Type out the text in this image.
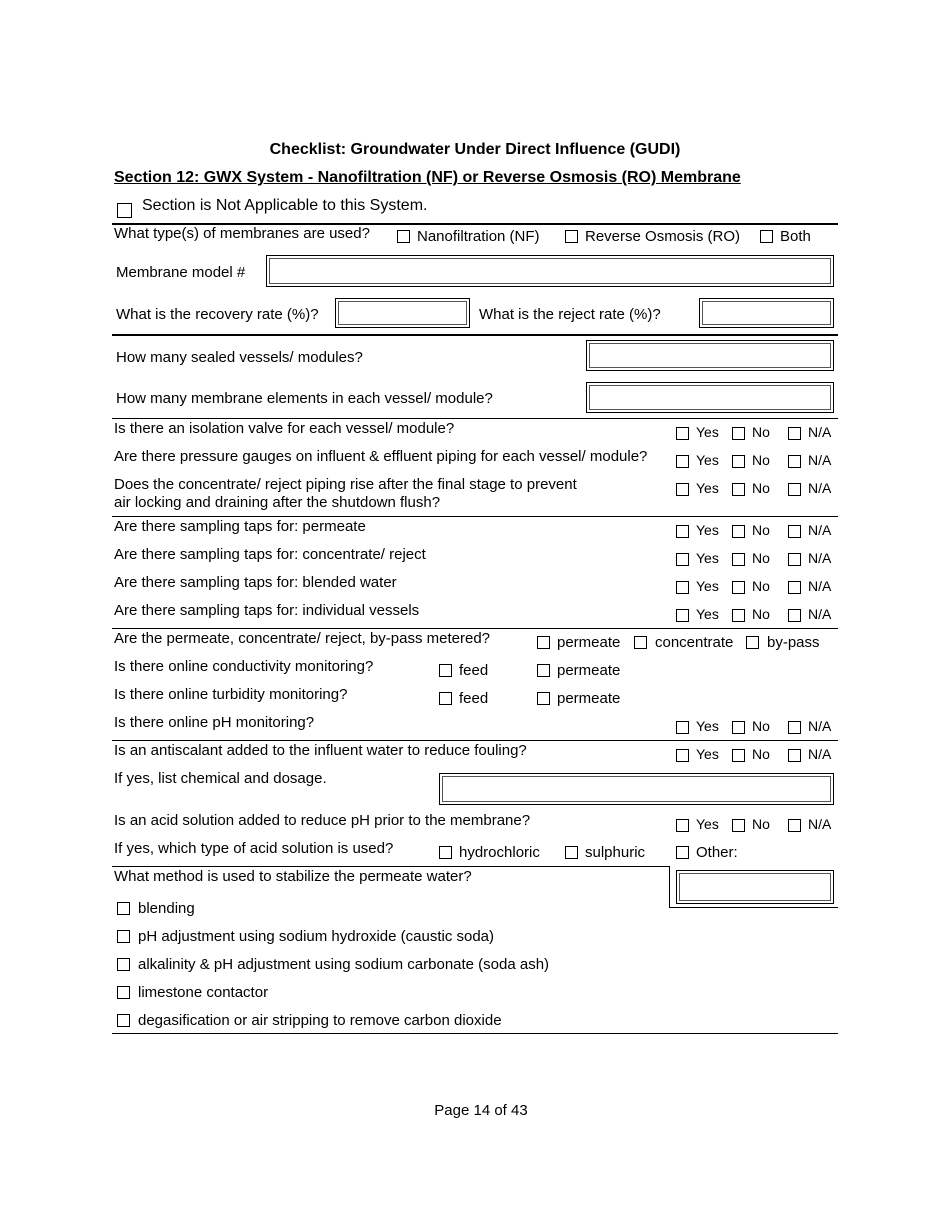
Checklist: Groundwater Under Direct Influence (GUDI)
Section 12: GWX System - Nanofiltration (NF) or Reverse Osmosis (RO) Membrane
Section is Not Applicable to this System.
What type(s) of membranes are used?	Nanofiltration (NF)	Reverse Osmosis (RO)	Both
Membrane model #
What is the recovery rate (%)?	What is the reject rate (%)?
How many sealed vessels/ modules?
How many membrane elements in each vessel/ module?
Is there an isolation valve for each vessel/ module?	Yes No	N/A
Are there pressure gauges on influent & effluent piping for each vessel/ module?	Yes No	N/A
Does the concentrate/ reject piping rise after the final stage to prevent
air locking and draining after the shutdown flush?
Yes No	N/A
Are there sampling taps for: permeate	Yes No	N/A
Are there sampling taps for: concentrate/ reject	Yes No	N/A
Are there sampling taps for: blended water	Yes No	N/A
Are there sampling taps for: individual vessels	Yes No	N/A
Are the permeate, concentrate/ reject, by-pass metered?	permeate concentrate by-pass
Is there online conductivity monitoring?	feed	permeate
Is there online turbidity monitoring?	feed	permeate
Is there online pH monitoring?	Yes No	N/A
Is an antiscalant added to the influent water to reduce fouling?	Yes No	N/A
If yes, list chemical and dosage.
Is an acid solution added to reduce pH prior to the membrane?	Yes No	N/A
If yes, which type of acid solution is used?	hydrochloric	sulphuric	Other:
What method is used to stabilize the permeate water?
blending
pH adjustment using sodium hydroxide (caustic soda)
alkalinity & pH adjustment using sodium carbonate (soda ash)
limestone contactor
degasification or air stripping to remove carbon dioxide
Page 14 of 43
